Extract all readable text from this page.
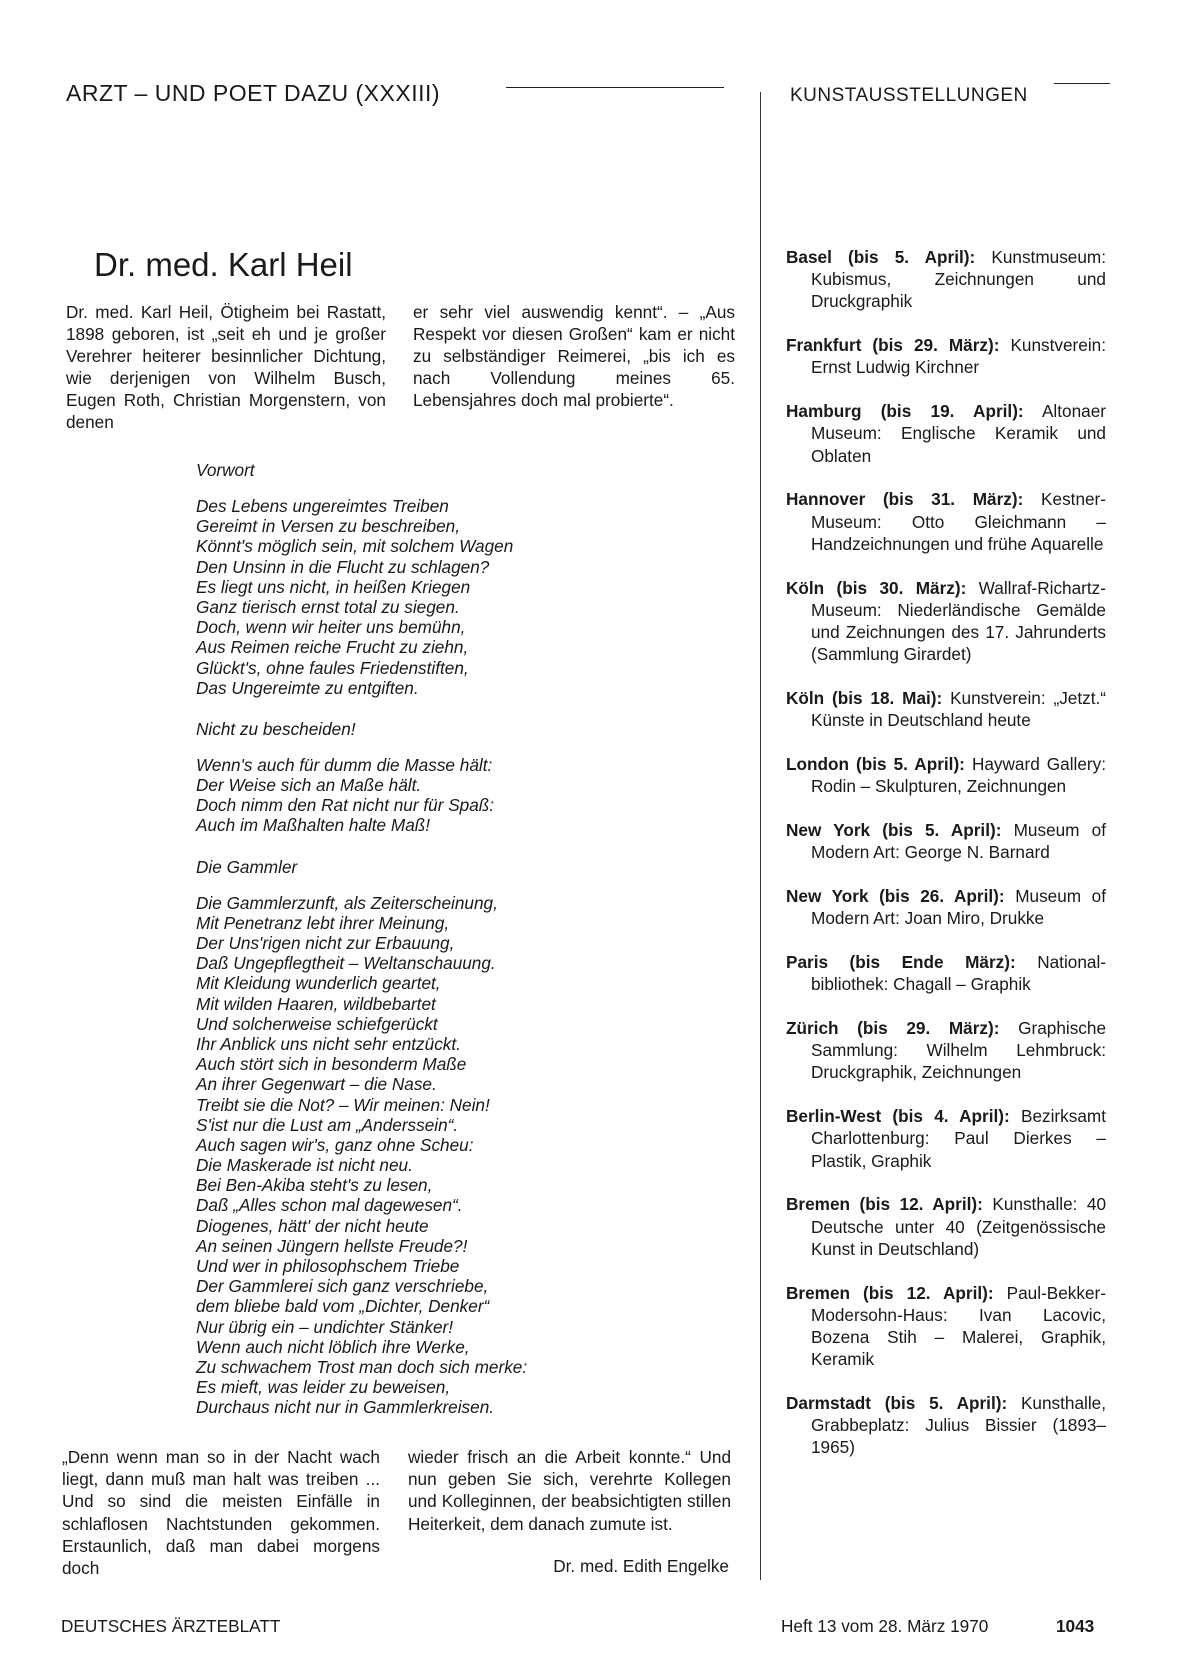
ARZT – UND POET DAZU (XXXIII)	KUNSTAUSSTELLUNGEN
Dr. med. Karl Heil

Dr. med. Karl Heil, Ötigheim bei Rastatt, 1898 geboren, ist „seit eh und je großer Verehrer heiterer besinnlicher Dichtung, wie derjenigen von Wilhelm Busch, Eugen Roth, Christian Morgenstern, von denen

er sehr viel auswendig kennt“. – „Aus Respekt vor diesen Großen“ kam er nicht zu selbständiger Reimerei, „bis ich es nach Vollendung meines 65. Lebensjahres doch mal probierte“.

Vorwort
Des Lebens ungereimtes Treiben
Gereimt in Versen zu beschreiben,
Könnt's möglich sein, mit solchem Wagen
Den Unsinn in die Flucht zu schlagen?
Es liegt uns nicht, in heißen Kriegen
Ganz tierisch ernst total zu siegen.
Doch, wenn wir heiter uns bemühn,
Aus Reimen reiche Frucht zu ziehn,
Glückt's, ohne faules Friedenstiften,
Das Ungereimte zu entgiften.
Nicht zu bescheiden!
Wenn's auch für dumm die Masse hält:
Der Weise sich an Maße hält.
Doch nimm den Rat nicht nur für Spaß:
Auch im Maßhalten halte Maß!
Die Gammler
Die Gammlerzunft, als Zeiterscheinung,
Mit Penetranz lebt ihrer Meinung,
Der Uns'rigen nicht zur Erbauung,
Daß Ungepflegtheit – Weltanschauung.
Mit Kleidung wunderlich geartet,
Mit wilden Haaren, wildbebartet
Und solcherweise schiefgerückt
Ihr Anblick uns nicht sehr entzückt.
Auch stört sich in besonderm Maße
An ihrer Gegenwart – die Nase.
Treibt sie die Not? – Wir meinen: Nein!
S'ist nur die Lust am „Anderssein“.
Auch sagen wir's, ganz ohne Scheu:
Die Maskerade ist nicht neu.
Bei Ben-Akiba steht's zu lesen,
Daß „Alles schon mal dagewesen“.
Diogenes, hätt' der nicht heute
An seinen Jüngern hellste Freude?!
Und wer in philosophschem Triebe
Der Gammlerei sich ganz verschriebe,
dem bliebe bald vom „Dichter, Denker“
Nur übrig ein – undichter Stänker!
Wenn auch nicht löblich ihre Werke,
Zu schwachem Trost man doch sich merke:
Es mieft, was leider zu beweisen,
Durchaus nicht nur in Gammlerkreisen.

„Denn wenn man so in der Nacht wach liegt, dann muß man halt was treiben ... Und so sind die meisten Einfälle in schlaflosen Nachtstunden gekommen. Erstaunlich, daß man dabei morgens doch

wieder frisch an die Arbeit konnte.“ Und nun geben Sie sich, verehrte Kollegen und Kolleginnen, der beabsichtigten stillen Heiterkeit, dem danach zumute ist.

Dr. med. Edith Engelke

Basel (bis 5. April): Kunstmuseum: Kubismus, Zeichnungen und Druckgraphik

Frankfurt (bis 29. März): Kunstverein: Ernst Ludwig Kirchner

Hamburg (bis 19. April): Altonaer Museum: Englische Keramik und Oblaten

Hannover (bis 31. März): Kestner-Museum: Otto Gleichmann – Handzeichnungen und frühe Aquarelle

Köln (bis 30. März): Wallraf-Richartz-Museum: Niederländische Gemälde und Zeichnungen des 17. Jahrunderts (Sammlung Girardet)

Köln (bis 18. Mai): Kunstverein: „Jetzt.“ Künste in Deutschland heute

London (bis 5. April): Hayward Gallery: Rodin – Skulpturen, Zeichnungen

New York (bis 5. April): Museum of Modern Art: George N. Barnard

New York (bis 26. April): Museum of Modern Art: Joan Miro, Drukke

Paris (bis Ende März): Nationalbibliothek: Chagall – Graphik

Zürich (bis 29. März): Graphische Sammlung: Wilhelm Lehmbruck: Druckgraphik, Zeichnungen

Berlin-West (bis 4. April): Bezirksamt Charlottenburg: Paul Dierkes – Plastik, Graphik

Bremen (bis 12. April): Kunsthalle: 40 Deutsche unter 40 (Zeitgenössische Kunst in Deutschland)

Bremen (bis 12. April): Paul-Bekker-Modersohn-Haus: Ivan Lacovic, Bozena Stih – Malerei, Graphik, Keramik

Darmstadt (bis 5. April): Kunsthalle, Grabbeplatz: Julius Bissier (1893–1965)

DEUTSCHES ÄRZTEBLATT	Heft 13 vom 28. März 1970	1043
